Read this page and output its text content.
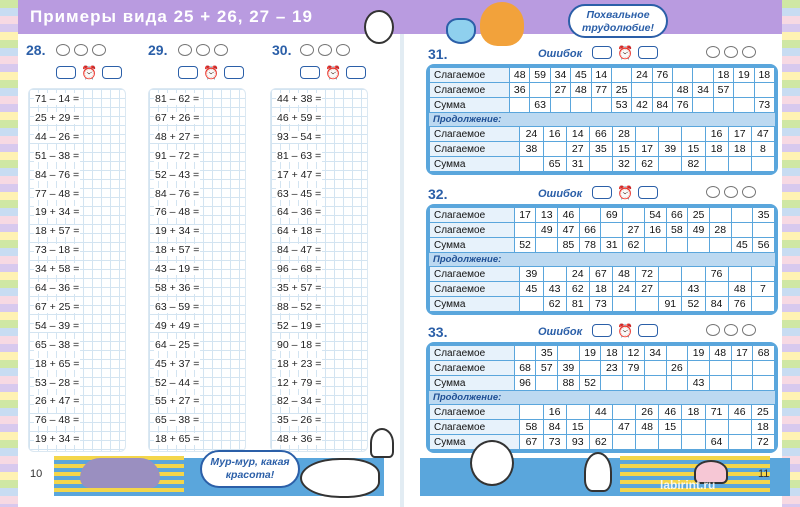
Примеры вида 25 + 26, 27 – 19	Похвальное трудолюбие!
28.
⏰
29.
⏰
30.
⏰
71 – 14 =
25 + 29 =
44 – 26 =
51 – 38 =
84 – 76 =
77 – 48 =
19 + 34 =
18 + 57 =
73 – 18 =
34 + 58 =
64 – 36 =
67 + 25 =
54 – 39 =
65 – 38 =
18 + 65 =
53 – 28 =
26 + 47 =
76 – 48 =
19 + 34 =
81 – 62 =
67 + 26 =
48 + 27 =
91 – 72 =
52 – 43 =
84 – 76 =
76 – 48 =
19 + 34 =
18 + 57 =
43 – 19 =
58 + 36 =
63 – 59 =
49 + 49 =
64 – 25 =
45 + 37 =
52 – 44 =
55 + 27 =
65 – 38 =
18 + 65 =
44 + 38 =
46 + 59 =
93 – 54 =
81 – 63 =
17 + 47 =
63 – 45 =
64 – 36 =
64 + 18 =
84 – 47 =
96 – 68 =
35 + 57 =
88 – 52 =
52 – 19 =
90 – 18 =
18 + 23 =
12 + 79 =
82 – 34 =
35 – 26 =
48 + 36 =
Мур-мур, какая красота!
10
31.	Ошибок	⏰
Слагаемое	48	59	34	45	14		24	76			18	19	18
Слагаемое	36		27	48	77	25			48	34	57		
Сумма		63				53	42	84	76				73
Продолжение:
Слагаемое	24	16	14	66	28				16	17	47
Слагаемое	38		27	35	15	17	39	15	18	18	8
Сумма		65	31		32	62		82			
32.	Ошибок	⏰
Слагаемое	17	13	46		69		54	66	25			35
Слагаемое		49	47	66		27	16	58	49	28		
Сумма	52		85	78	31	62					45	56
Продолжение:
Слагаемое	39		24	67	48	72			76		
Слагаемое	45	43	62	18	24	27		43		48	7
Сумма		62	81	73			91	52	84	76	
33.	Ошибок	⏰
Слагаемое		35		19	18	12	34		19	48	17	68
Слагаемое	68	57	39		23	79		26				
Сумма	96		88	52					43			
Продолжение:
Слагаемое		16		44		26	46	18	71	46	25
Слагаемое	58	84	15		47	48	15				18
Сумма	67	73	93	62					64		72
11
labirint.ru
